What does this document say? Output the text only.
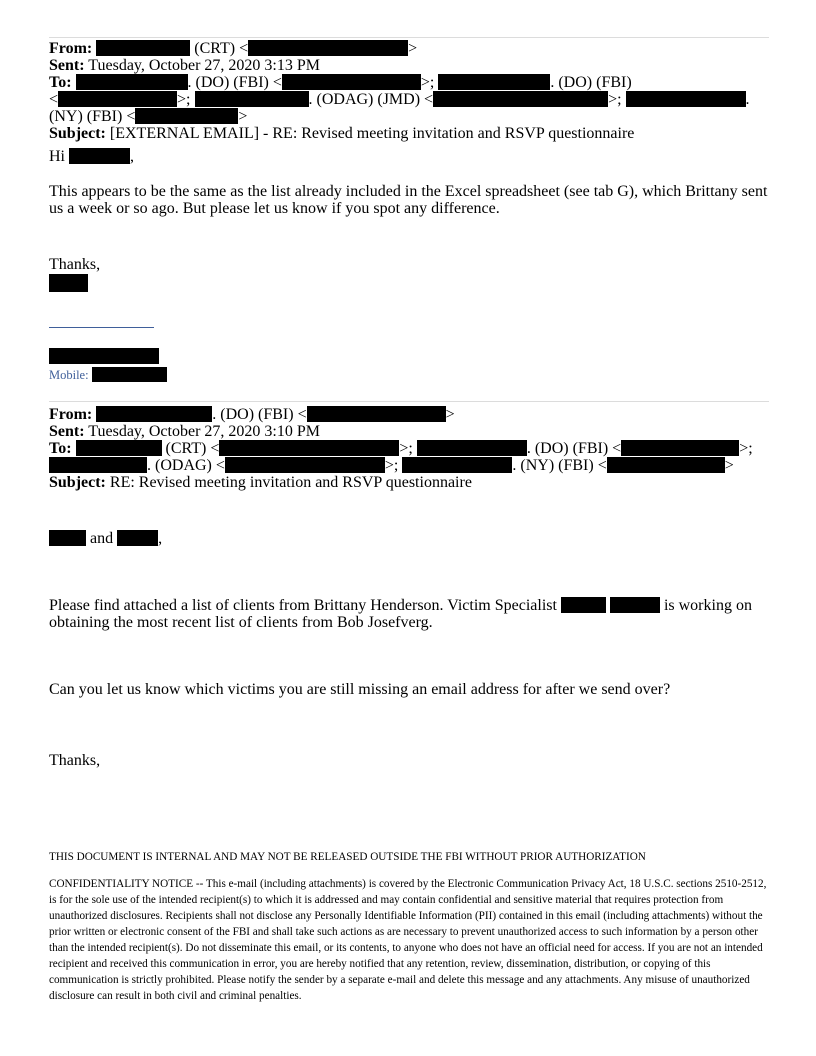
From:	(CRT) <	>
Sent: Tuesday, October 27, 2020 3:13 PM
To:	. (DO) (FBI) <	>;	. (DO) (FBI)
<	>;	. (ODAG) (JMD) <	>;	.
(NY) (FBI) <	>
Subject: [EXTERNAL EMAIL] - RE: Revised meeting invitation and RSVP questionnaire
Hi	,
This appears to be the same as the list already included in the Excel spreadsheet (see tab G), which Brittany sent us a week or so ago. But please let us know if you spot any difference.
Thanks,
Mobile:
From:	. (DO) (FBI) <	>
Sent: Tuesday, October 27, 2020 3:10 PM
To:	(CRT) <	>;	. (DO) (FBI) <	>;
. (ODAG) <	>;	. (NY) (FBI) <	>
Subject: RE: Revised meeting invitation and RSVP questionnaire
and	,
Please find attached a list of clients from Brittany Henderson. Victim Specialist	is working on obtaining the most recent list of clients from Bob Josefverg.
Can you let us know which victims you are still missing an email address for after we send over?
Thanks,
THIS DOCUMENT IS INTERNAL AND MAY NOT BE RELEASED OUTSIDE THE FBI WITHOUT PRIOR AUTHORIZATION
CONFIDENTIALITY NOTICE -- This e-mail (including attachments) is covered by the Electronic Communication Privacy Act, 18 U.S.C. sections 2510-2512, is for the sole use of the intended recipient(s) to which it is addressed and may contain confidential and sensitive material that requires protection from unauthorized disclosures. Recipients shall not disclose any Personally Identifiable Information (PII) contained in this email (including attachments) without the prior written or electronic consent of the FBI and shall take such actions as are necessary to prevent unauthorized access to such information by a person other than the intended recipient(s). Do not disseminate this email, or its contents, to anyone who does not have an official need for access. If you are not an intended recipient and received this communication in error, you are hereby notified that any retention, review, dissemination, distribution, or copying of this communication is strictly prohibited. Please notify the sender by a separate e-mail and delete this message and any attachments. Any misuse of unauthorized disclosure can result in both civil and criminal penalties.
